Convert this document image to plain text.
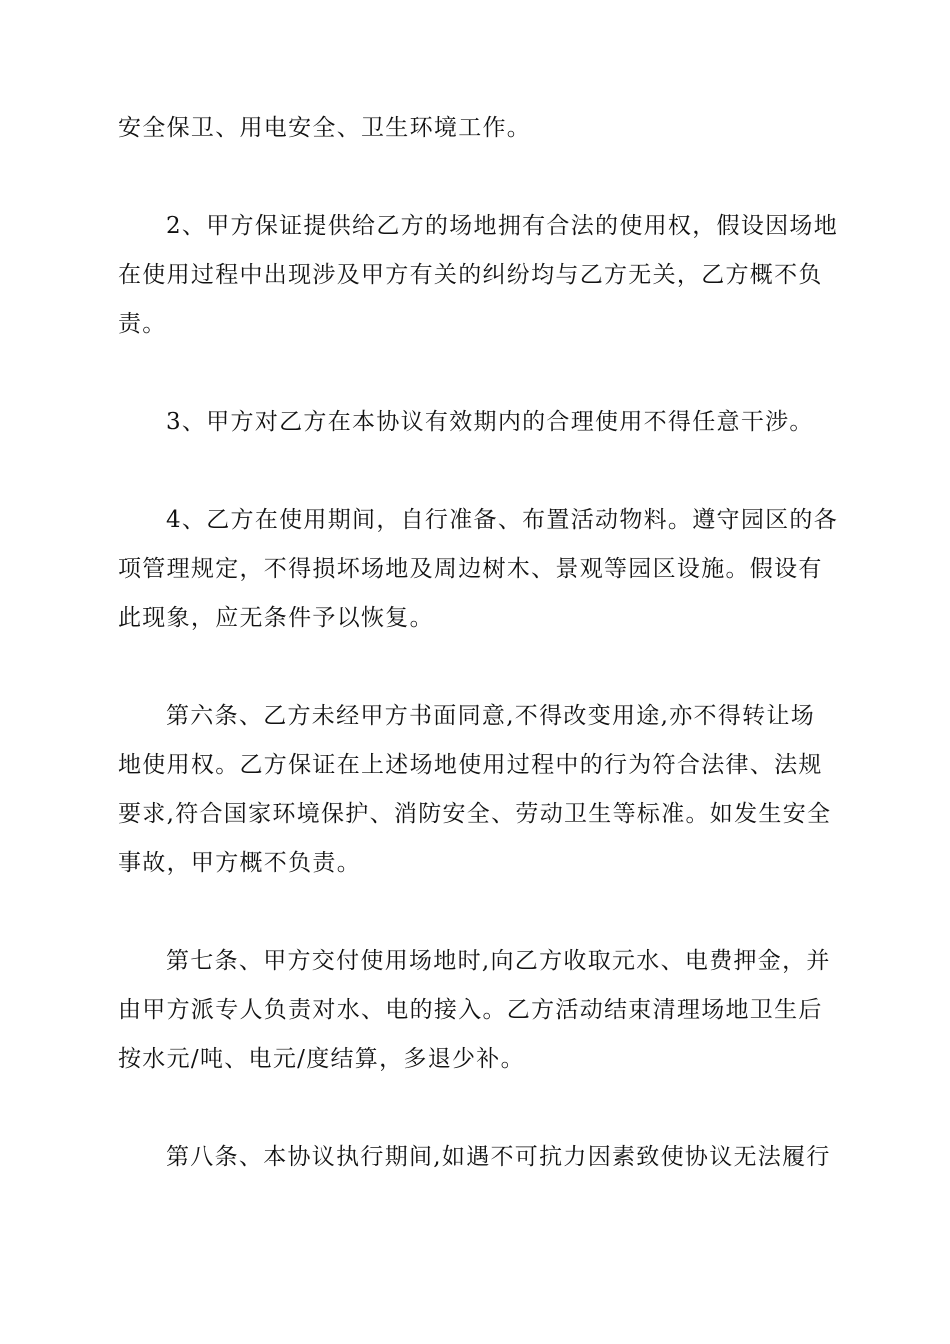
安全保卫、用电安全、卫生环境工作。
2、甲方保证提供给乙方的场地拥有合法的使用权，假设因场地
在使用过程中出现涉及甲方有关的纠纷均与乙方无关，乙方概不负
责。
3、甲方对乙方在本协议有效期内的合理使用不得任意干涉。
4、乙方在使用期间，自行准备、布置活动物料。遵守园区的各
项管理规定，不得损坏场地及周边树木、景观等园区设施。假设有
此现象，应无条件予以恢复。
第六条、乙方未经甲方书面同意,不得改变用途,亦不得转让场
地使用权。乙方保证在上述场地使用过程中的行为符合法律、法规
要求,符合国家环境保护、消防安全、劳动卫生等标准。如发生安全
事故，甲方概不负责。
第七条、甲方交付使用场地时,向乙方收取元水、电费押金，并
由甲方派专人负责对水、电的接入。乙方活动结束清理场地卫生后
按水元/吨、电元/度结算，多退少补。
第八条、本协议执行期间,如遇不可抗力因素致使协议无法履行
